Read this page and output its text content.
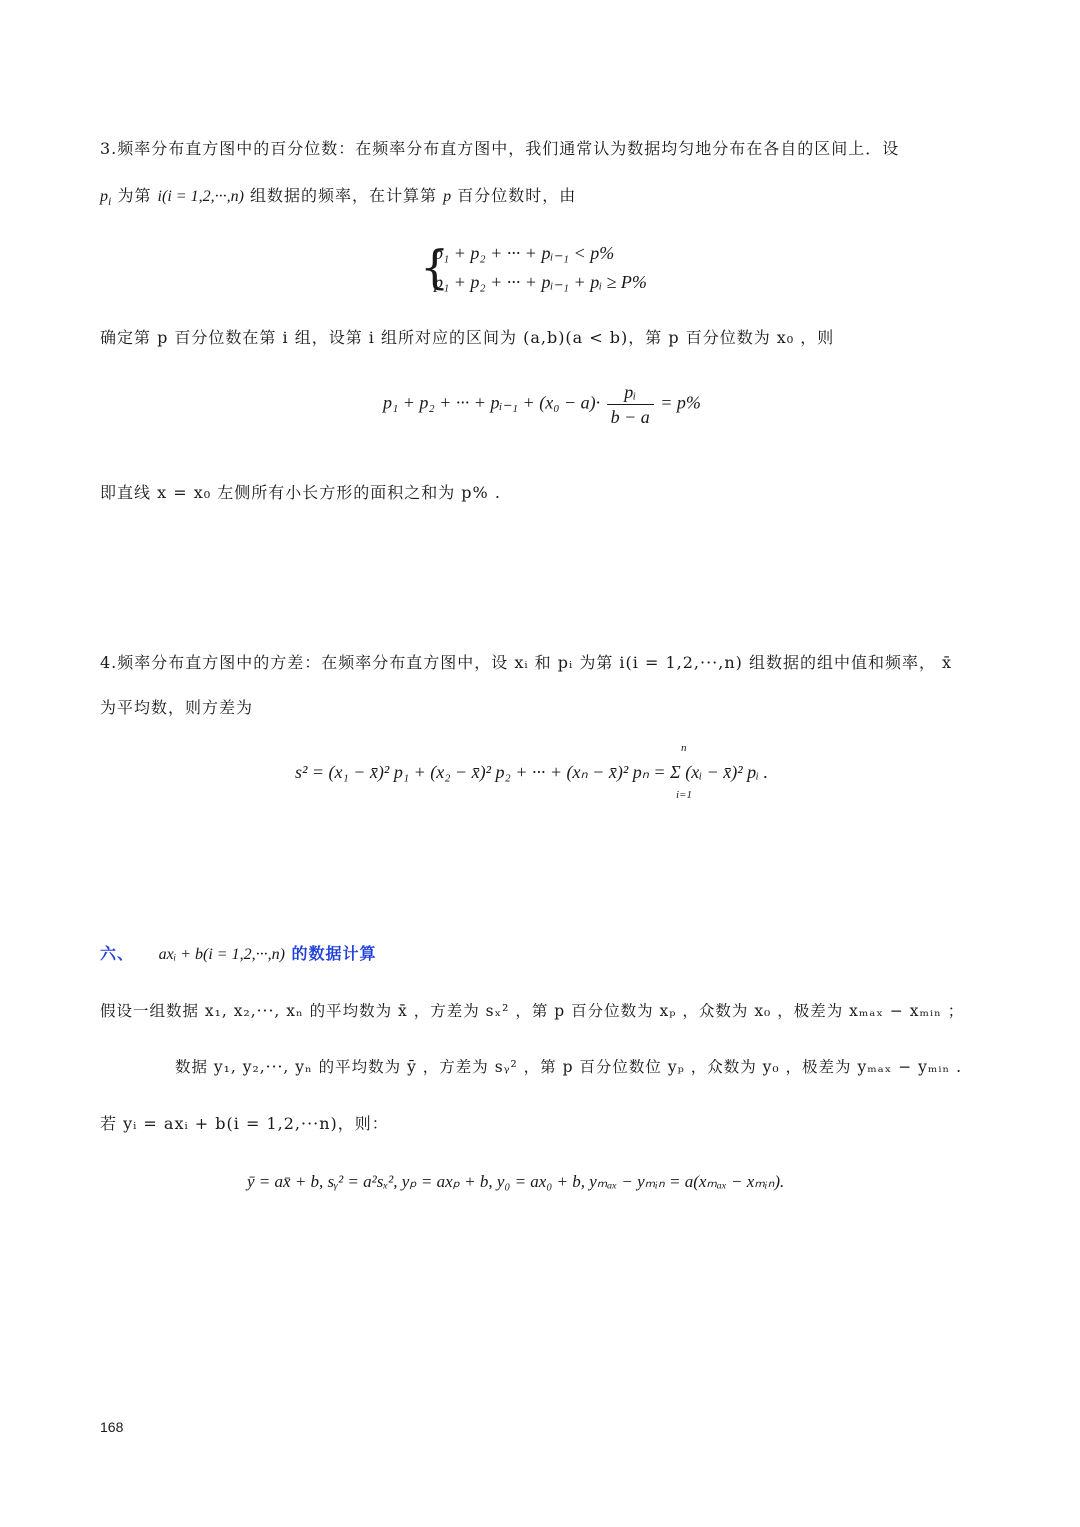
3.频率分布直方图中的百分位数：在频率分布直方图中，我们通常认为数据均匀地分布在各自的区间上．设
$p_i$ 为第 i(i = 1,2,···,n) 组数据的频率，在计算第 p 百分位数时，由
{
p₁ + p₂ + ··· + pᵢ₋₁ < p%
p₁ + p₂ + ··· + pᵢ₋₁ + pᵢ ≥ P%
确定第 p 百分位数在第 i 组，设第 i 组所对应的区间为 (a,b)(a < b)，第 p 百分位数为 x₀ ，则
p₁ + p₂ + ··· + pᵢ₋₁ + $(x_0 - a)\cdot \frac{\text{pᵢ}}{b - a} = p\%$
即直线 x = x₀ 左侧所有小长方形的面积之和为 p% .
4.频率分布直方图中的方差：在频率分布直方图中，设 xᵢ 和 pᵢ 为第 i(i = 1,2,···,n) 组数据的组中值和频率， x̄
为平均数，则方差为
s² = (x₁ − x̄)² p₁ + (x₂ − x̄)² p₂ + ··· + (xₙ − x̄)² pₙ = Σ (xᵢ − x̄)² pᵢ .
n
i=1
六、 axᵢ + b(i = 1,2,···,n) 的数据计算
假设一组数据 x₁, x₂,···, xₙ 的平均数为 x̄ ，方差为 sₓ² ，第 p 百分位数为 xₚ ，众数为 x₀ ，极差为 xₘₐₓ − xₘᵢₙ ；
数据 y₁, y₂,···, yₙ 的平均数为 ȳ ，方差为 sᵧ² ，第 p 百分位数位 yₚ ，众数为 y₀ ，极差为 yₘₐₓ − yₘᵢₙ .
若 yᵢ = axᵢ + b(i = 1,2,···n)，则：
ȳ = ax̄ + b, sᵧ² = a²sₓ², yₚ = axₚ + b, y₀ = ax₀ + b, yₘₐₓ − yₘᵢₙ = a(xₘₐₓ − xₘᵢₙ).
168
